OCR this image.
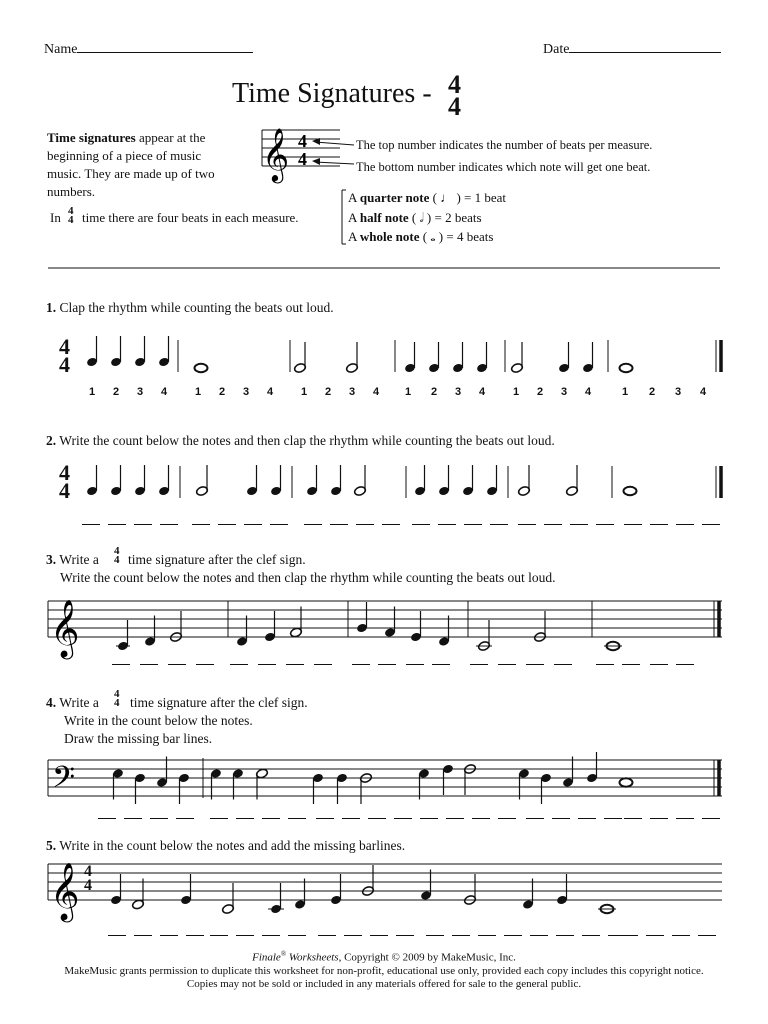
Name	Date
Time Signatures - 4
4
Time signatures appear at the
beginning of a piece of music
music. They are made up of two
numbers.
In 4
4 time there are four beats in each measure.
The top number indicates the number of beats per measure.
The bottom number indicates which note will get one beat.
A quarter note ( ♩ ) = 1 beat
A half note ( 𝅗𝅥 ) = 2 beats
A whole note ( 𝅝 ) = 4 beats
1. Clap the rhythm while counting the beats out loud.
2. Write the count below the notes and then clap the rhythm while counting the beats out loud.
3. Write a
4
4 time signature after the clef sign.
Write the count below the notes and then clap the rhythm while counting the beats out loud.
4. Write a
4
4 time signature after the clef sign.
Write in the count below the notes.
Draw the missing bar lines.
5. Write in the count below the notes and add the missing barlines.
1 2 3 4	1 2 3 4	1 2 3 4 1 2 3 4	1 2 3 4	1 2 3 4
4
4
4
4
4
4
Finale® Worksheets, Copyright © 2009 by MakeMusic, Inc.
MakeMusic grants permission to duplicate this worksheet for non-profit, educational use only, provided each copy includes this copyright notice.
Copies may not be sold or included in any materials offered for sale to the general public.
𝄞 4
4
𝄞
𝄢
𝄞
